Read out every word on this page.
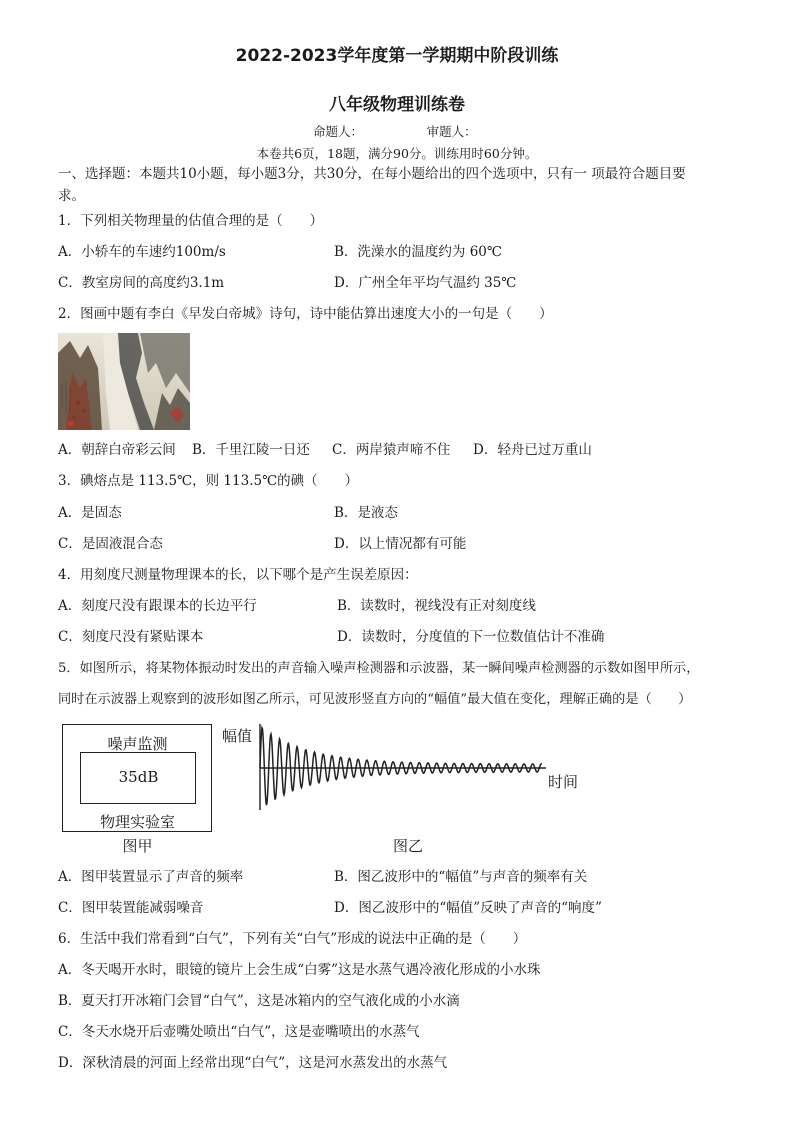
2022-2023学年度第一学期期中阶段训练
八年级物理训练卷
命题人：                审题人：
本卷共6页，18题，满分90分。训练用时60分钟。
一、选择题：本题共10小题，每小题3分，共30分，在每小题给出的四个选项中，只有一 项最符合题目要
求。
1．下列相关物理量的估值合理的是（　　）
A．小轿车的车速约100m/s	B．洗澡水的温度约为 60℃
C．教室房间的高度约3.1m	D．广州全年平均气温约 35℃
2．图画中题有李白《早发白帝城》诗句，诗中能估算出速度大小的一句是（　　）
A．朝辞白帝彩云间 B．千里江陵一日还 C．两岸猿声啼不住 D．轻舟已过万重山
3．碘熔点是 113.5℃，则 113.5℃的碘（　　）
A．是固态	B．是液态
C．是固液混合态	D．以上情况都有可能
4．用刻度尺测量物理课本的长，以下哪个是产生误差原因：
A．刻度尺没有跟课本的长边平行	B．读数时，视线没有正对刻度线
C．刻度尺没有紧贴课本	D．读数时，分度值的下一位数值估计不准确
5．如图所示，将某物体振动时发出的声音输入噪声检测器和示波器，某一瞬间噪声检测器的示数如图甲所示，
同时在示波器上观察到的波形如图乙所示，可见波形竖直方向的“幅值”最大值在变化，理解正确的是（　　）
噪声监测
35dB
物理实验室
图甲
幅值
时间
图乙
A．图甲装置显示了声音的频率	B．图乙波形中的“幅值”与声音的频率有关
C．图甲装置能减弱噪音	D．图乙波形中的“幅值”反映了声音的“响度”
6．生活中我们常看到“白气”，下列有关“白气”形成的说法中正确的是（　　）
A．冬天喝开水时，眼镜的镜片上会生成“白雾”这是水蒸气遇冷液化形成的小水珠
B．夏天打开冰箱门会冒“白气”，这是冰箱内的空气液化成的小水滴
C．冬天水烧开后壶嘴处喷出“白气”，这是壶嘴喷出的水蒸气
D．深秋清晨的河面上经常出现“白气”，这是河水蒸发出的水蒸气
